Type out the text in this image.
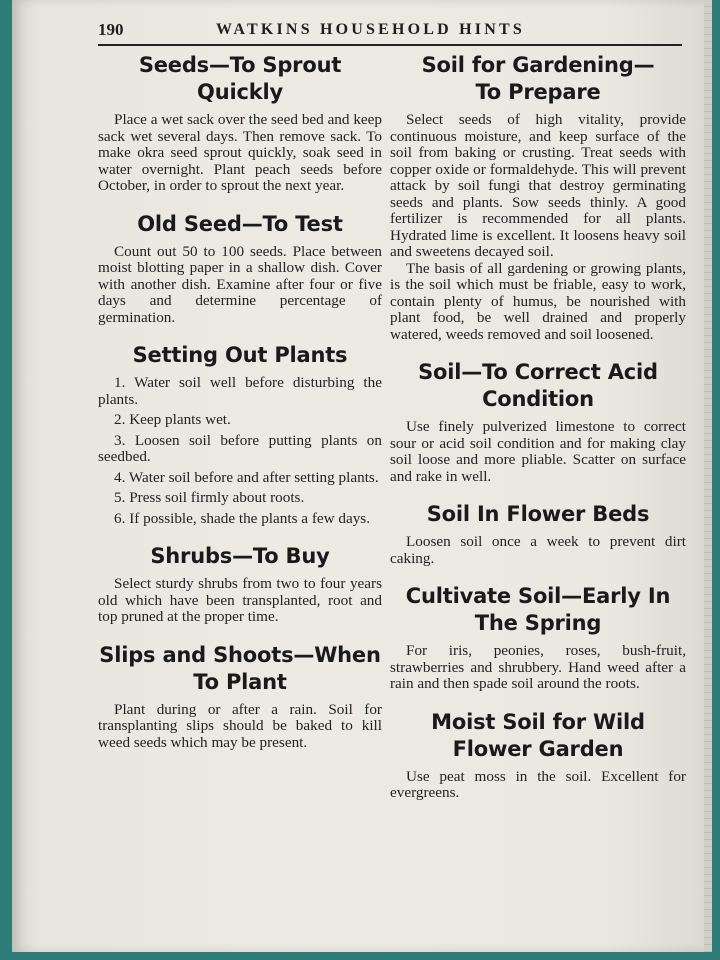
190	WATKINS HOUSEHOLD HINTS
Seeds—To Sprout
Quickly

Place a wet sack over the seed bed and keep sack wet several days. Then remove sack. To make okra seed sprout quickly, soak seed in water overnight. Plant peach seeds before October, in order to sprout the next year.

Old Seed—To Test

Count out 50 to 100 seeds. Place between moist blotting paper in a shallow dish. Cover with another dish. Examine after four or five days and determine percentage of germination.

Setting Out Plants
1. Water soil well before disturbing the plants.
2. Keep plants wet.
3. Loosen soil before putting plants on seedbed.
4. Water soil before and after setting plants.
5. Press soil firmly about roots.
6. If possible, shade the plants a few days.
Shrubs—To Buy

Select sturdy shrubs from two to four years old which have been transplanted, root and top pruned at the proper time.

Slips and Shoots—When
To Plant

Plant during or after a rain. Soil for transplanting slips should be baked to kill weed seeds which may be present.

Soil for Gardening—
To Prepare

Select seeds of high vitality, provide continuous moisture, and keep surface of the soil from baking or crusting. Treat seeds with copper oxide or formaldehyde. This will prevent attack by soil fungi that destroy germinating seeds and plants. Sow seeds thinly. A good fertilizer is recommended for all plants. Hydrated lime is excellent. It loosens heavy soil and sweetens decayed soil.

The basis of all gardening or growing plants, is the soil which must be friable, easy to work, contain plenty of humus, be nourished with plant food, be well drained and properly watered, weeds removed and soil loosened.

Soil—To Correct Acid
Condition

Use finely pulverized limestone to correct sour or acid soil condition and for making clay soil loose and more pliable. Scatter on surface and rake in well.

Soil In Flower Beds

Loosen soil once a week to prevent dirt caking.

Cultivate Soil—Early In
The Spring

For iris, peonies, roses, bush-fruit, strawberries and shrubbery. Hand weed after a rain and then spade soil around the roots.

Moist Soil for Wild
Flower Garden

Use peat moss in the soil. Excellent for evergreens.
